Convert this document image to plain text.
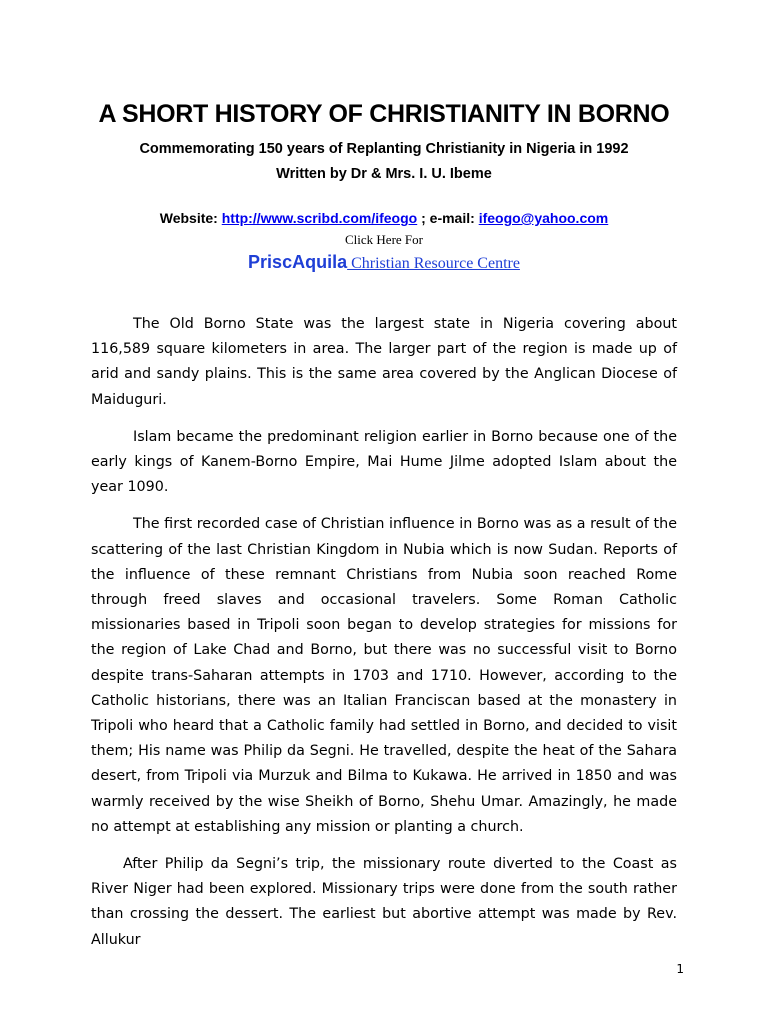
A SHORT HISTORY OF CHRISTIANITY IN BORNO
Commemorating 150 years of Replanting Christianity in Nigeria in 1992
Written by Dr & Mrs. I. U. Ibeme
Website: http://www.scribd.com/ifeogo ; e-mail: ifeogo@yahoo.com
Click Here For
PriscAquila Christian Resource Centre

The Old Borno State was the largest state in Nigeria covering about 116,589 square kilometers in area. The larger part of the region is made up of arid and sandy plains. This is the same area covered by the Anglican Diocese of Maiduguri.

Islam became the predominant religion earlier in Borno because one of the early kings of Kanem-Borno Empire, Mai Hume Jilme adopted Islam about the year 1090.

The first recorded case of Christian influence in Borno was as a result of the scattering of the last Christian Kingdom in Nubia which is now Sudan. Reports of the influence of these remnant Christians from Nubia soon reached Rome through freed slaves and occasional travelers. Some Roman Catholic missionaries based in Tripoli soon began to develop strategies for missions for the region of Lake Chad and Borno, but there was no successful visit to Borno despite trans-Saharan attempts in 1703 and 1710. However, according to the Catholic historians, there was an Italian Franciscan based at the monastery in Tripoli who heard that a Catholic family had settled in Borno, and decided to visit them; His name was Philip da Segni. He travelled, despite the heat of the Sahara desert, from Tripoli via Murzuk and Bilma to Kukawa. He arrived in 1850 and was warmly received by the wise Sheikh of Borno, Shehu Umar. Amazingly, he made no attempt at establishing any mission or planting a church.

After Philip da Segni’s trip, the missionary route diverted to the Coast as River Niger had been explored. Missionary trips were done from the south rather than crossing the dessert. The earliest but abortive attempt was made by Rev. Allukur

1
